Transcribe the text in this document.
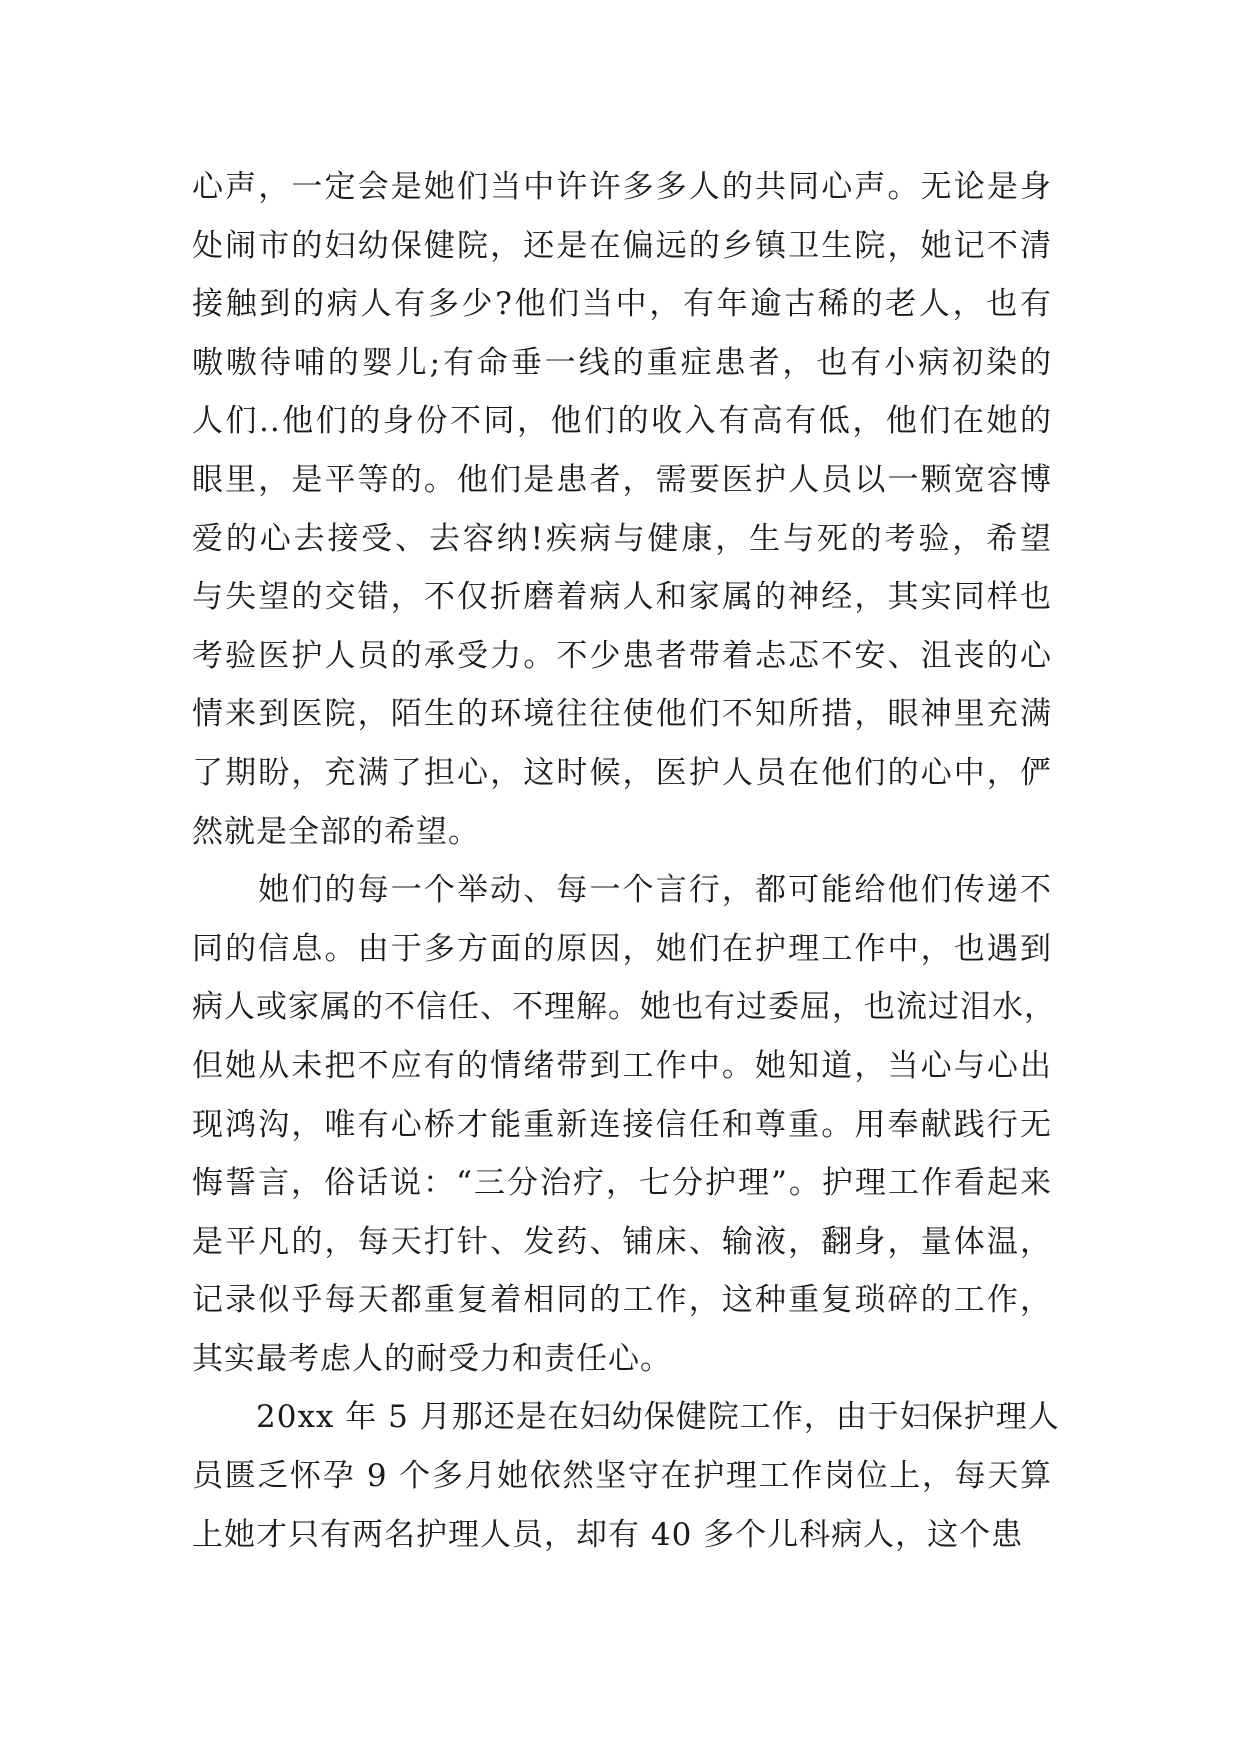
心声，一定会是她们当中许许多多人的共同心声。无论是身
处闹市的妇幼保健院，还是在偏远的乡镇卫生院，她记不清
接触到的病人有多少?他们当中，有年逾古稀的老人，也有
嗷嗷待哺的婴儿;有命垂一线的重症患者，也有小病初染的
人们..他们的身份不同，他们的收入有高有低，他们在她的
眼里，是平等的。他们是患者，需要医护人员以一颗宽容博
爱的心去接受、去容纳!疾病与健康，生与死的考验，希望
与失望的交错，不仅折磨着病人和家属的神经，其实同样也
考验医护人员的承受力。不少患者带着忐忑不安、沮丧的心
情来到医院，陌生的环境往往使他们不知所措，眼神里充满
了期盼，充满了担心，这时候，医护人员在他们的心中，俨
然就是全部的希望。
　　她们的每一个举动、每一个言行，都可能给他们传递不
同的信息。由于多方面的原因，她们在护理工作中，也遇到
病人或家属的不信任、不理解。她也有过委屈，也流过泪水，
但她从未把不应有的情绪带到工作中。她知道，当心与心出
现鸿沟，唯有心桥才能重新连接信任和尊重。用奉献践行无
悔誓言，俗话说：“三分治疗，七分护理”。护理工作看起来
是平凡的，每天打针、发药、铺床、输液，翻身，量体温，
记录似乎每天都重复着相同的工作，这种重复琐碎的工作，
其实最考虑人的耐受力和责任心。
　　20xx 年 5 月那还是在妇幼保健院工作，由于妇保护理人
员匮乏怀孕 9 个多月她依然坚守在护理工作岗位上，每天算
上她才只有两名护理人员，却有 40 多个儿科病人，这个患
